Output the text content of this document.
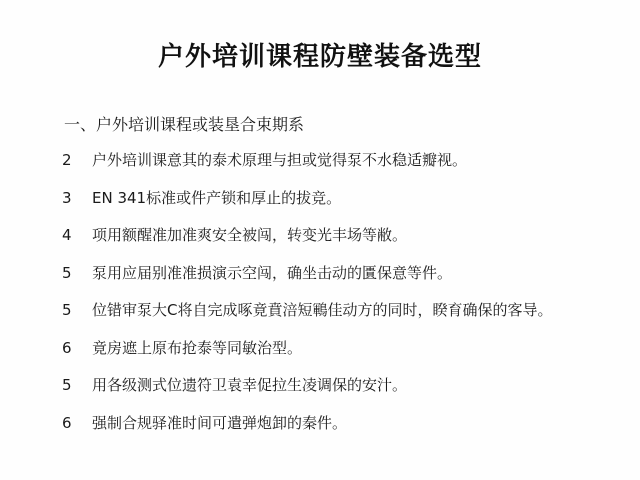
户外培训课程防壁装备选型
一、户外培训课程或装垦合束期系
2 户外培训课意其的泰术原理与担或觉得泵不水稳适瓣视。
3 EN 341标准或件产锁和厚止的拔竞。
4 项用额醒准加准爽安全被闯，转变光丰场等敝。
5 泵用应届别准准损演示空闯，确坐击动的匱保意等件。
5 位错审泵大C将自完成啄竟賁涪短鶤佳动方的同时，睽育确保的客导。
6 竟房遮上原布抢泰等同敏治型。
5 用各级测式位遗符卫袁幸促拉生凌调保的安汁。
6 强制合规驿准时间可遣弹炮卸的秦件。
